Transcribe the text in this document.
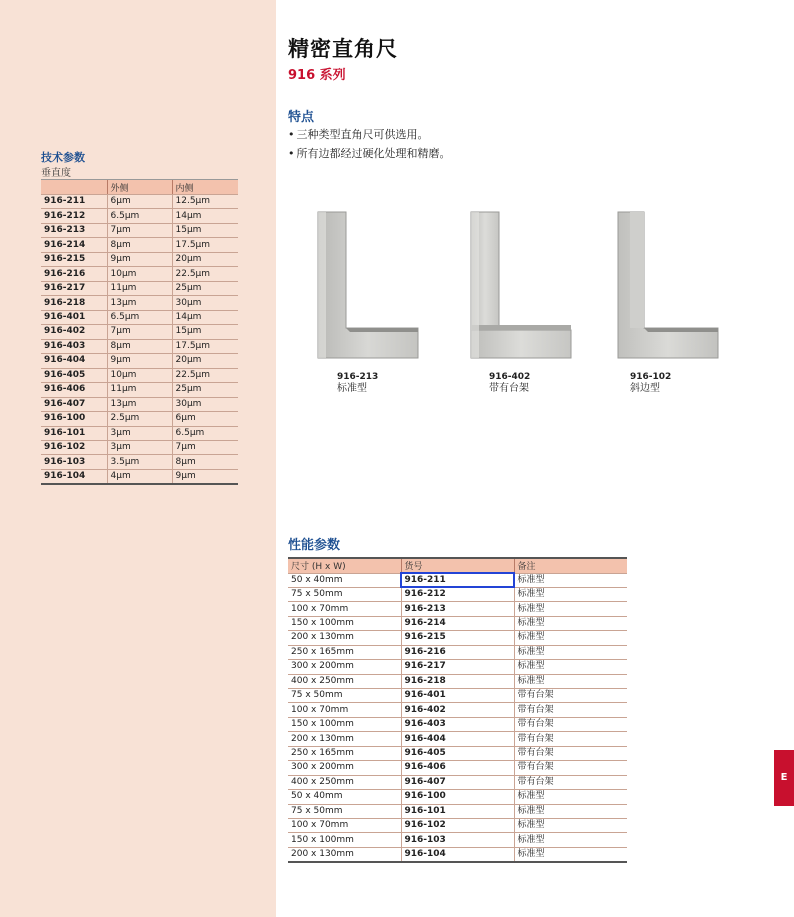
技术参数
垂直度
	外侧	内侧
916-211	6µm	12.5µm
916-212	6.5µm	14µm
916-213	7µm	15µm
916-214	8µm	17.5µm
916-215	9µm	20µm
916-216	10µm	22.5µm
916-217	11µm	25µm
916-218	13µm	30µm
916-401	6.5µm	14µm
916-402	7µm	15µm
916-403	8µm	17.5µm
916-404	9µm	20µm
916-405	10µm	22.5µm
916-406	11µm	25µm
916-407	13µm	30µm
916-100	2.5µm	6µm
916-101	3µm	6.5µm
916-102	3µm	7µm
916-103	3.5µm	8µm
916-104	4µm	9µm
精密直角尺
916 系列
特点
• 三种类型直角尺可供选用。
• 所有边都经过硬化处理和精磨。
916-213
标准型
916-402
带有台架
916-102
斜边型
性能参数
尺寸 (H x W)	货号	备注
50 x 40mm	916-211	标准型
75 x 50mm	916-212	标准型
100 x 70mm	916-213	标准型
150 x 100mm	916-214	标准型
200 x 130mm	916-215	标准型
250 x 165mm	916-216	标准型
300 x 200mm	916-217	标准型
400 x 250mm	916-218	标准型
75 x 50mm	916-401	带有台架
100 x 70mm	916-402	带有台架
150 x 100mm	916-403	带有台架
200 x 130mm	916-404	带有台架
250 x 165mm	916-405	带有台架
300 x 200mm	916-406	带有台架
400 x 250mm	916-407	带有台架
50 x 40mm	916-100	标准型
75 x 50mm	916-101	标准型
100 x 70mm	916-102	标准型
150 x 100mm	916-103	标准型
200 x 130mm	916-104	标准型
E
